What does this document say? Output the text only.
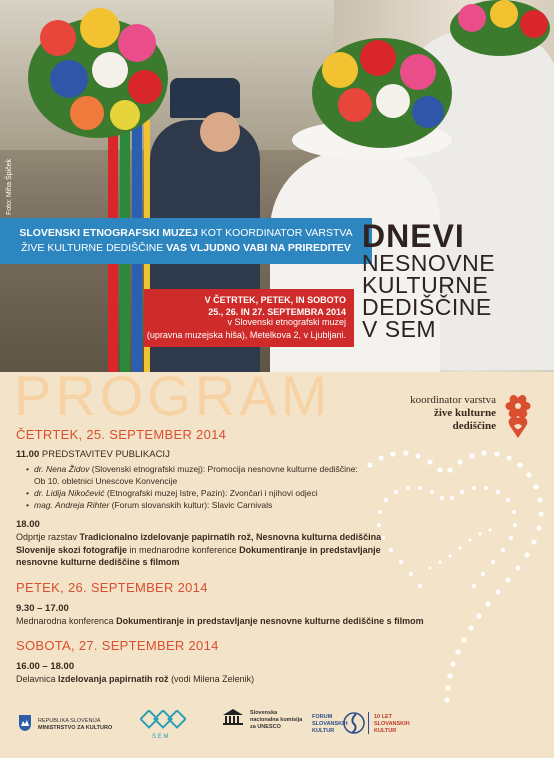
Foto: Miha Špiček
SLOVENSKI ETNOGRAFSKI MUZEJ KOT KOORDINATOR VARSTVA
ŽIVE KULTURNE DEDIŠČINE VAS VLJUDNO VABI NA PRIREDITEV DNEVI
NESNOVNE
KULTURNE
DEDIŠČINE
V SEM
V ČETRTEK, PETEK, IN SOBOTO
25., 26. IN 27. SEPTEMBRA 2014
v Slovenski etnografski muzej
(upravna muzejska hiša), Metelkova 2, v Ljubljani.
PROGRAM	koordinator varstva
žive kulturne
dediščine

ČETRTEK, 25. SEPTEMBER 2014

11.00 PREDSTAVITEV PUBLIKACIJ

• dr. Nena Židov (Slovenski etnografski muzej): Promocija nesnovne kulturne dediščine:
Ob 10. obletnici Unescove Konvencije
• dr. Lidija Nikočević (Etnografski muzej Istre, Pazin): Zvončari i njihovi odjeci
• mag. Andreja Rihter (Forum slovanskih kultur): Slavic Carnivals

18.00

Odprtje razstav Tradicionalno izdelovanje papirnatih rož, Nesnovna kulturna dediščina
Slovenije skozi fotografije in mednarodne konference Dokumentiranje in predstavljanje
nesnovne kulturne dediščine s filmom

PETEK, 26. SEPTEMBER 2014

9.30 – 17.00

Mednarodna konferenca Dokumentiranje in predstavljanje nesnovne kulturne dediščine s filmom

SOBOTA, 27. SEPTEMBER 2014

16.00 – 18.00

Delavnica Izdelovanja papirnatih rož (vodi Milena Zelenik)

REPUBLIKA SLOVENIJA
MINISTRSTVO ZA KULTURO
S E M
Slovenska
nacionalna komisija
za UNESCO
FORUM
SLOVANSKIH
KULTUR
10 LET
SLOVANSKIH
KULTUR
